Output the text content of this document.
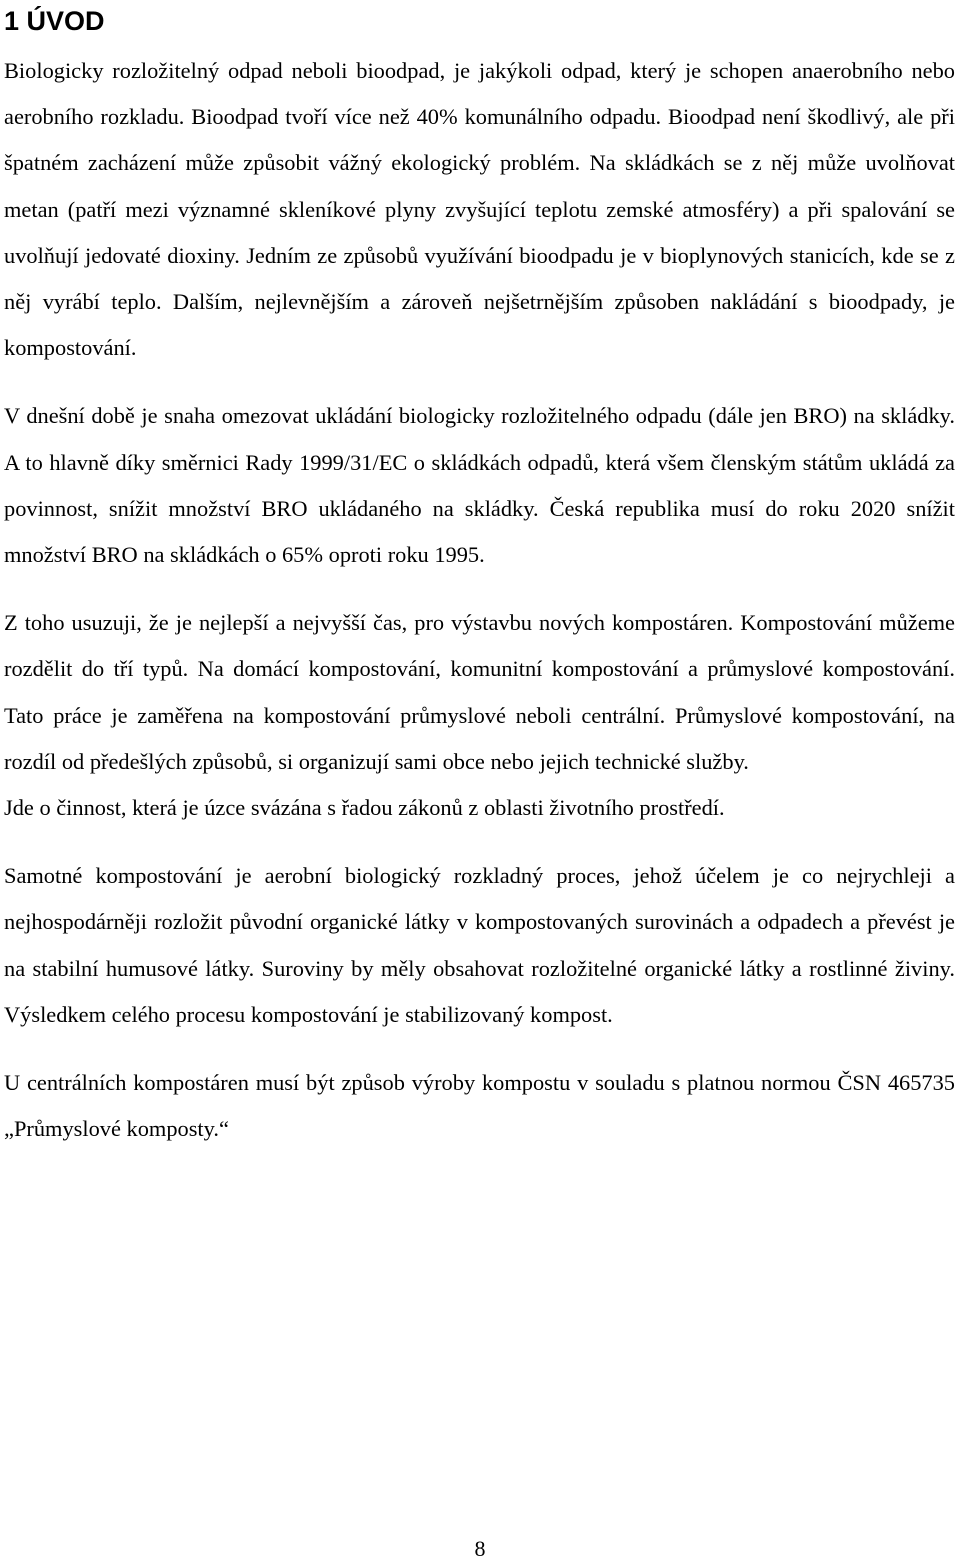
1 ÚVOD

Biologicky rozložitelný odpad neboli bioodpad, je jakýkoli odpad, který je schopen anaerobního nebo aerobního rozkladu. Bioodpad tvoří více než 40% komunálního odpadu. Bioodpad není škodlivý, ale při špatném zacházení může způsobit vážný ekologický problém. Na skládkách se z něj může uvolňovat metan (patří mezi významné skleníkové plyny zvyšující teplotu zemské atmosféry) a při spalování se uvolňují jedovaté dioxiny. Jedním ze způsobů využívání bioodpadu je v bioplynových stanicích, kde se z něj vyrábí teplo. Dalším, nejlevnějším a zároveň nejšetrnějším způsoben nakládání s bioodpady, je kompostování.

V dnešní době je snaha omezovat ukládání biologicky rozložitelného odpadu (dále jen BRO) na skládky. A to hlavně díky směrnici Rady 1999/31/EC o skládkách odpadů, která všem členským státům ukládá za povinnost, snížit množství BRO ukládaného na skládky. Česká republika musí do roku 2020 snížit množství BRO na skládkách o 65% oproti roku 1995.

Z toho usuzuji, že je nejlepší a nejvyšší čas, pro výstavbu nových kompostáren. Kompostování můžeme rozdělit do tří typů. Na domácí kompostování, komunitní kompostování a průmyslové kompostování. Tato práce je zaměřena na kompostování průmyslové neboli centrální. Průmyslové kompostování, na rozdíl od předešlých způsobů, si organizují sami obce nebo jejich technické služby.

Jde o činnost, která je úzce svázána s řadou zákonů z oblasti životního prostředí.

Samotné kompostování je aerobní biologický rozkladný proces, jehož účelem je co nejrychleji a nejhospodárněji rozložit původní organické látky v kompostovaných surovinách a odpadech a převést je na stabilní humusové látky. Suroviny by měly obsahovat rozložitelné organické látky a rostlinné živiny. Výsledkem celého procesu kompostování je stabilizovaný kompost.

U centrálních kompostáren musí být způsob výroby kompostu v souladu s platnou normou ČSN 465735 „Průmyslové komposty.“

8
